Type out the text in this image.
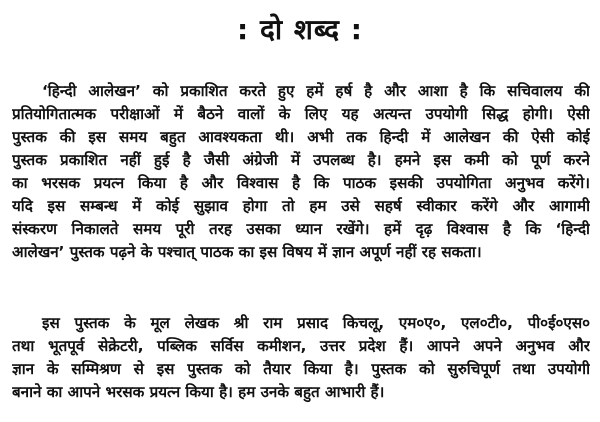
: दो शब्द :

‘हिन्दी आलेखन’ को प्रकाशित करते हुए हमें हर्ष है और आशा है कि सचिवालय की
प्रतियोगितात्मक परीक्षाओं में बैठने वालों के लिए यह अत्यन्त उपयोगी सिद्ध होगी। ऐसी
पुस्तक की इस समय बहुत आवश्यकता थी। अभी तक हिन्दी में आलेखन की ऐसी कोई
पुस्तक प्रकाशित नहीं हुई है जैसी अंग्रेजी में उपलब्ध है। हमने इस कमी को पूर्ण करने
का भरसक प्रयत्न किया है और विश्वास है कि पाठक इसकी उपयोगिता अनुभव करेंगे।
यदि इस सम्बन्ध में कोई सुझाव होगा तो हम उसे सहर्ष स्वीकार करेंगे और आगामी
संस्करण निकालते समय पूरी तरह उसका ध्यान रखेंगे। हमें दृढ़ विश्वास है कि ‘हिन्दी
आलेखन’ पुस्तक पढ़ने के पश्चात् पाठक का इस विषय में ज्ञान अपूर्ण नहीं रह सकता।

इस पुस्तक के मूल लेखक श्री राम प्रसाद किचलू, एम०ए०, एल०टी०, पी०ई०एस०
तथा भूतपूर्व सेक्रेटरी, पब्लिक सर्विस कमीशन, उत्तर प्रदेश हैं। आपने अपने अनुभव और
ज्ञान के सम्मिश्रण से इस पुस्तक को तैयार किया है। पुस्तक को सुरुचिपूर्ण तथा उपयोगी
बनाने का आपने भरसक प्रयत्न किया है। हम उनके बहुत आभारी हैं।
